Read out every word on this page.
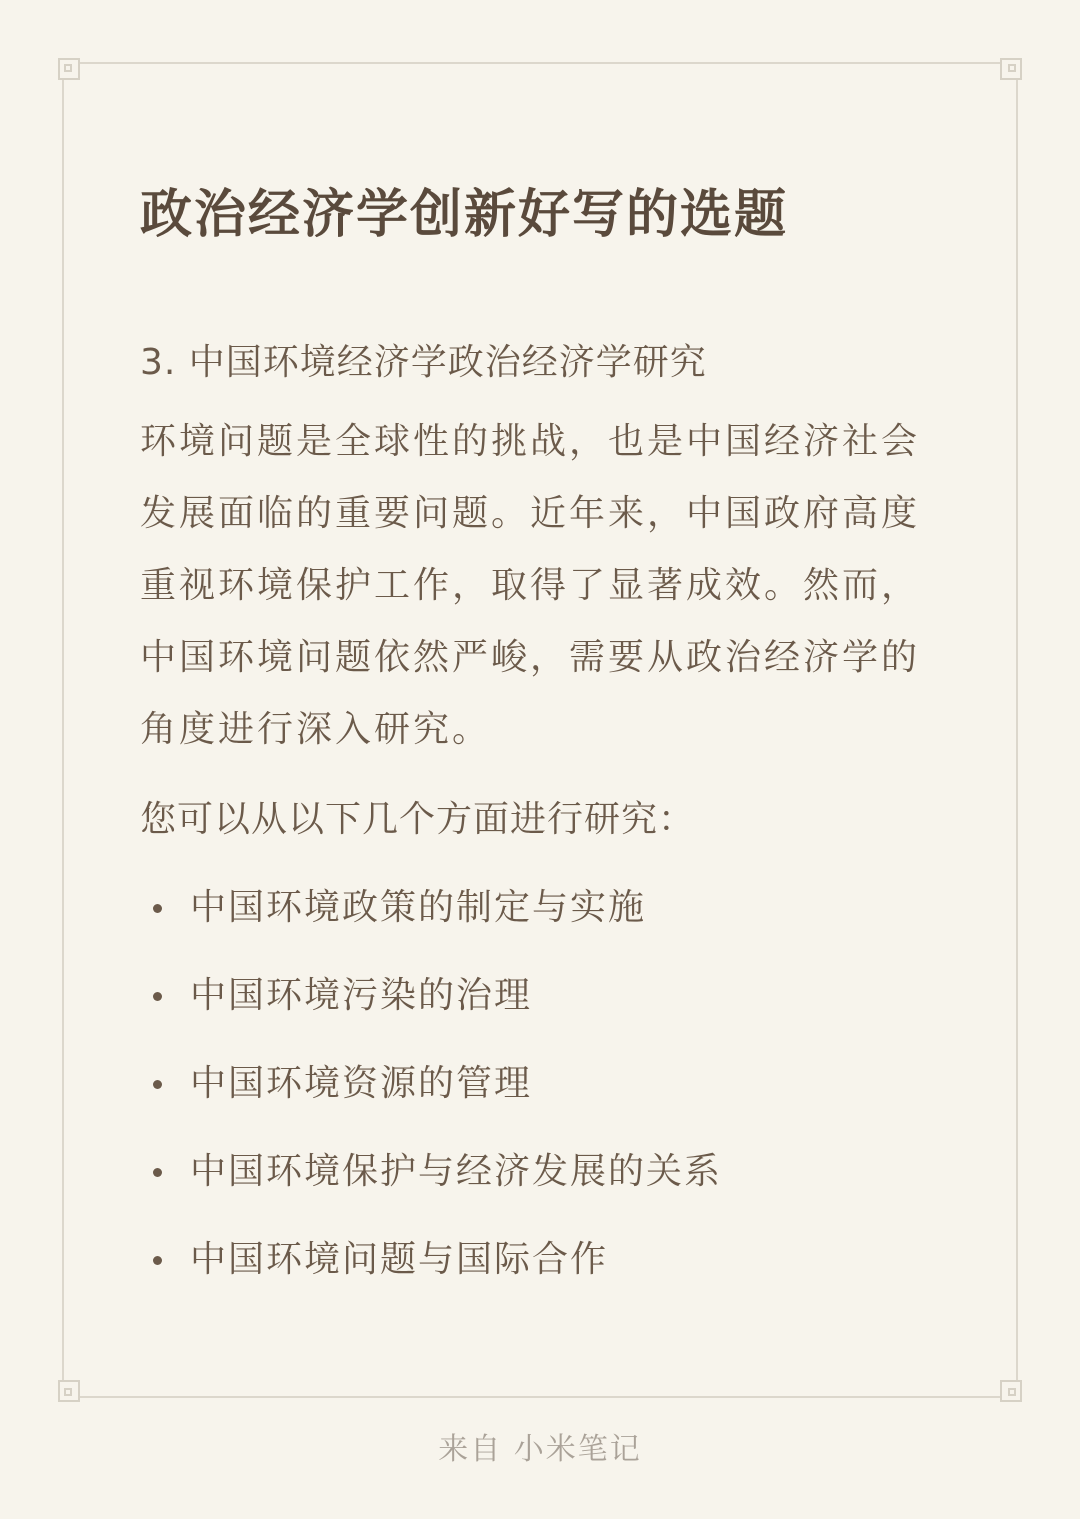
政治经济学创新好写的选题

3. 中国环境经济学政治经济学研究

环境问题是全球性的挑战，也是中国经济社会

发展面临的重要问题。近年来，中国政府高度

重视环境保护工作，取得了显著成效。然而，

中国环境问题依然严峻，需要从政治经济学的

角度进行深入研究。

您可以从以下几个方面进行研究：

中国环境政策的制定与实施
中国环境污染的治理
中国环境资源的管理
中国环境保护与经济发展的关系
中国环境问题与国际合作
来自 小米笔记
